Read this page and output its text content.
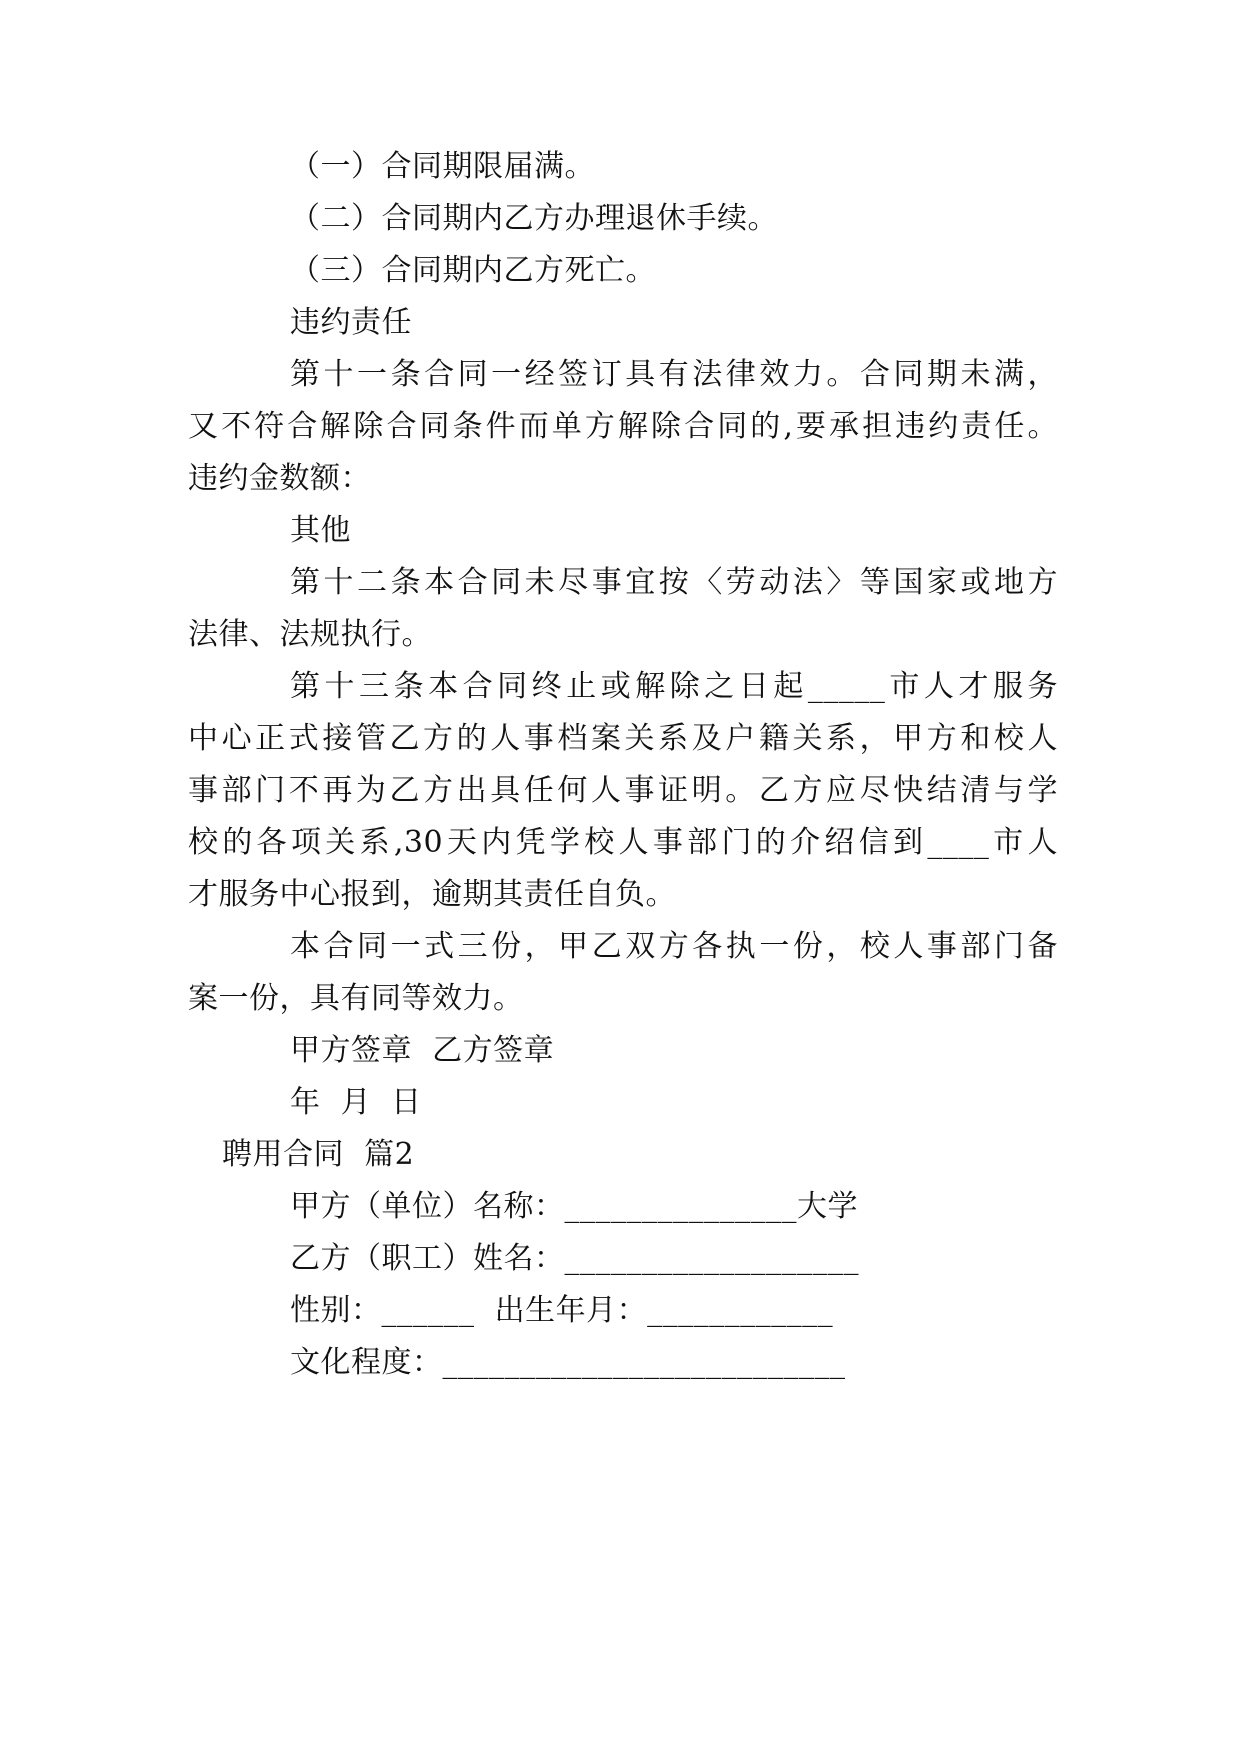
（一）合同期限届满。
（二）合同期内乙方办理退休手续。
（三）合同期内乙方死亡。
违约责任
第十一条合同一经签订具有法律效力。合同期未满，
又不符合解除合同条件而单方解除合同的,要承担违约责任。
违约金数额：
其他
第十二条本合同未尽事宜按〈劳动法〉等国家或地方
法律、法规执行。
第十三条本合同终止或解除之日起_____市人才服务
中心正式接管乙方的人事档案关系及户籍关系，甲方和校人
事部门不再为乙方出具任何人事证明。乙方应尽快结清与学
校的各项关系,30天内凭学校人事部门的介绍信到____市人
才服务中心报到，逾期其责任自负。
本合同一式三份，甲乙双方各执一份，校人事部门备
案一份，具有同等效力。
甲方签章  乙方签章
年  月  日
聘用合同  篇2
甲方（单位）名称：_______________大学
乙方（职工）姓名：___________________
性别：______  出生年月：____________
文化程度：__________________________
